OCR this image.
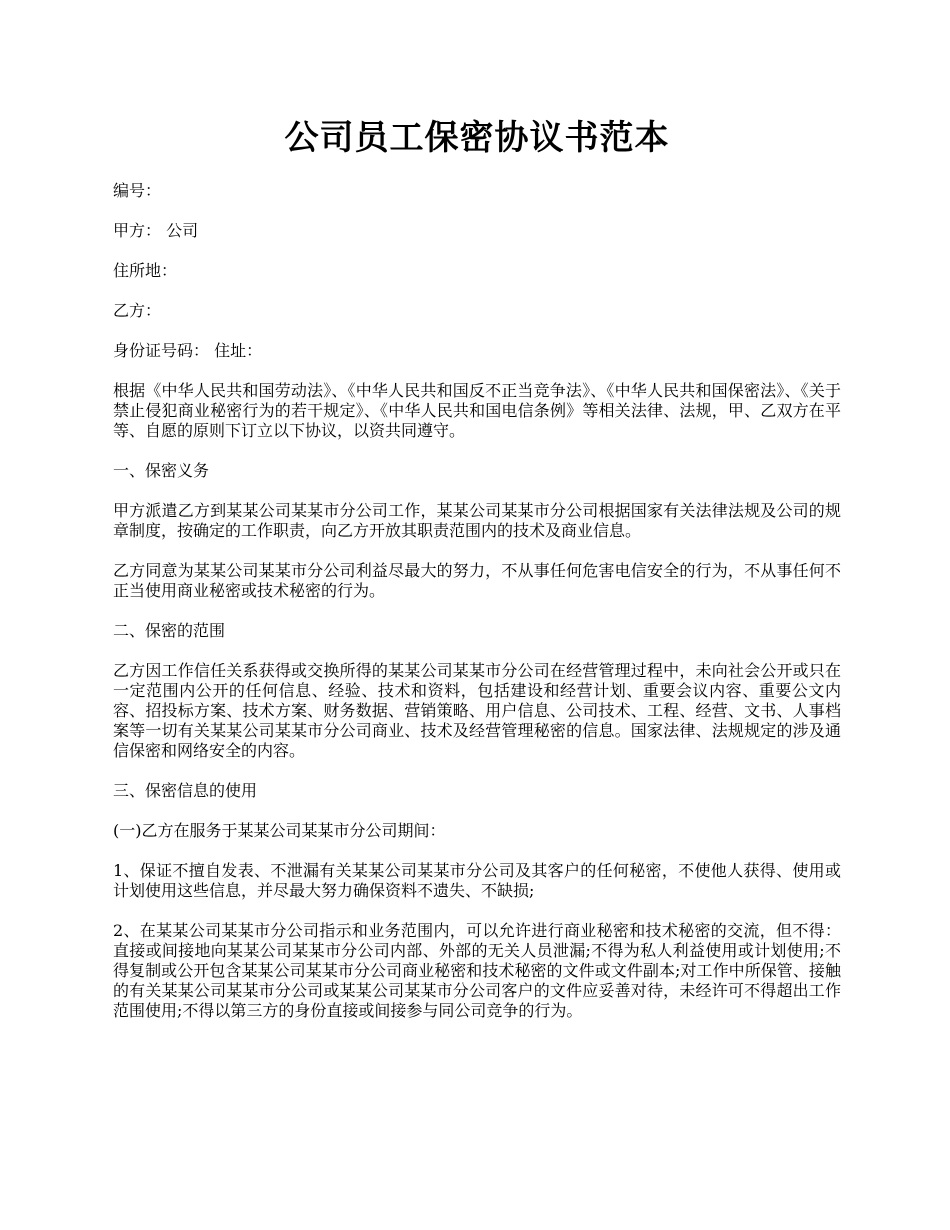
公司员工保密协议书范本

编号：

甲方： 公司

住所地：

乙方：

身份证号码： 住址：

根据《中华人民共和国劳动法》、《中华人民共和国反不正当竞争法》、《中华人民共和国保密法》、《关于禁止侵犯商业秘密行为的若干规定》、《中华人民共和国电信条例》等相关法律、法规，甲、乙双方在平等、自愿的原则下订立以下协议，以资共同遵守。

一、保密义务

甲方派遣乙方到某某公司某某市分公司工作，某某公司某某市分公司根据国家有关法律法规及公司的规章制度，按确定的工作职责，向乙方开放其职责范围内的技术及商业信息。

乙方同意为某某公司某某市分公司利益尽最大的努力，不从事任何危害电信安全的行为，不从事任何不正当使用商业秘密或技术秘密的行为。

二、保密的范围

乙方因工作信任关系获得或交换所得的某某公司某某市分公司在经营管理过程中，未向社会公开或只在一定范围内公开的任何信息、经验、技术和资料，包括建设和经营计划、重要会议内容、重要公文内容、招投标方案、技术方案、财务数据、营销策略、用户信息、公司技术、工程、经营、文书、人事档案等一切有关某某公司某某市分公司商业、技术及经营管理秘密的信息。国家法律、法规规定的涉及通信保密和网络安全的内容。

三、保密信息的使用

(一)乙方在服务于某某公司某某市分公司期间：

1、保证不擅自发表、不泄漏有关某某公司某某市分公司及其客户的任何秘密，不使他人获得、使用或计划使用这些信息，并尽最大努力确保资料不遗失、不缺损;

2、在某某公司某某市分公司指示和业务范围内，可以允许进行商业秘密和技术秘密的交流，但不得：直接或间接地向某某公司某某市分公司内部、外部的无关人员泄漏;不得为私人利益使用或计划使用;不得复制或公开包含某某公司某某市分公司商业秘密和技术秘密的文件或文件副本;对工作中所保管、接触的有关某某公司某某市分公司或某某公司某某市分公司客户的文件应妥善对待，未经许可不得超出工作范围使用;不得以第三方的身份直接或间接参与同公司竞争的行为。
